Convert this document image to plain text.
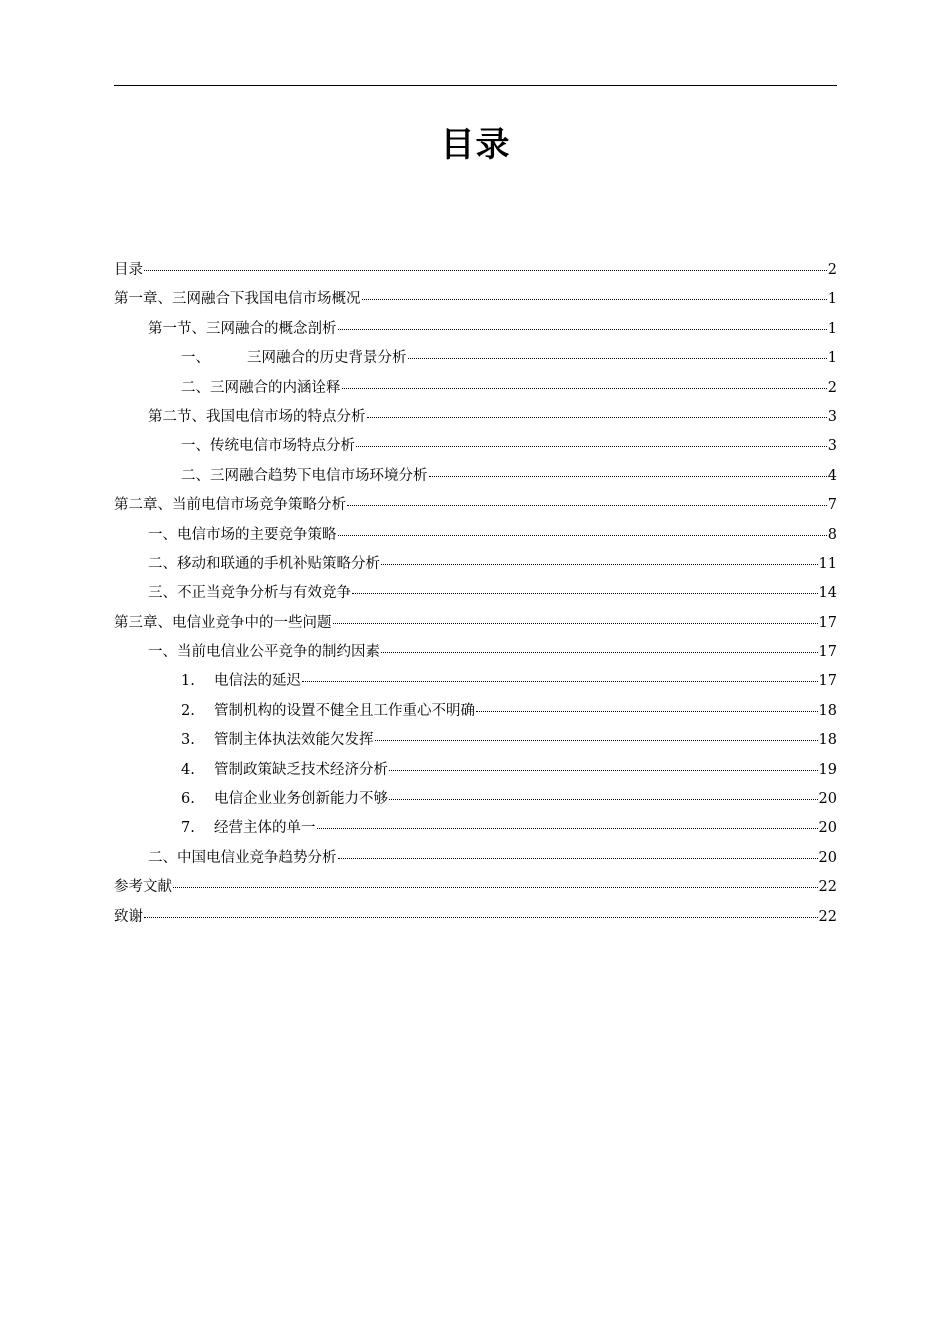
目录
目录	2
第一章、三网融合下我国电信市场概况	1
第一节、三网融合的概念剖析	1
一、	三网融合的历史背景分析	1
二、三网融合的内涵诠释	2
第二节、我国电信市场的特点分析	3
一、传统电信市场特点分析	3
二、三网融合趋势下电信市场环境分析	4
第二章、当前电信市场竞争策略分析	7
一、电信市场的主要竞争策略	8
二、移动和联通的手机补贴策略分析	11
三、不正当竞争分析与有效竞争	14
第三章、电信业竞争中的一些问题	17
一、当前电信业公平竞争的制约因素	17
1.	电信法的延迟	17
2.	管制机构的设置不健全且工作重心不明确	18
3.	管制主体执法效能欠发挥	18
4.	管制政策缺乏技术经济分析	19
6.	电信企业业务创新能力不够	20
7.	经营主体的单一	20
二、中国电信业竞争趋势分析	20
参考文献	22
致谢	22
